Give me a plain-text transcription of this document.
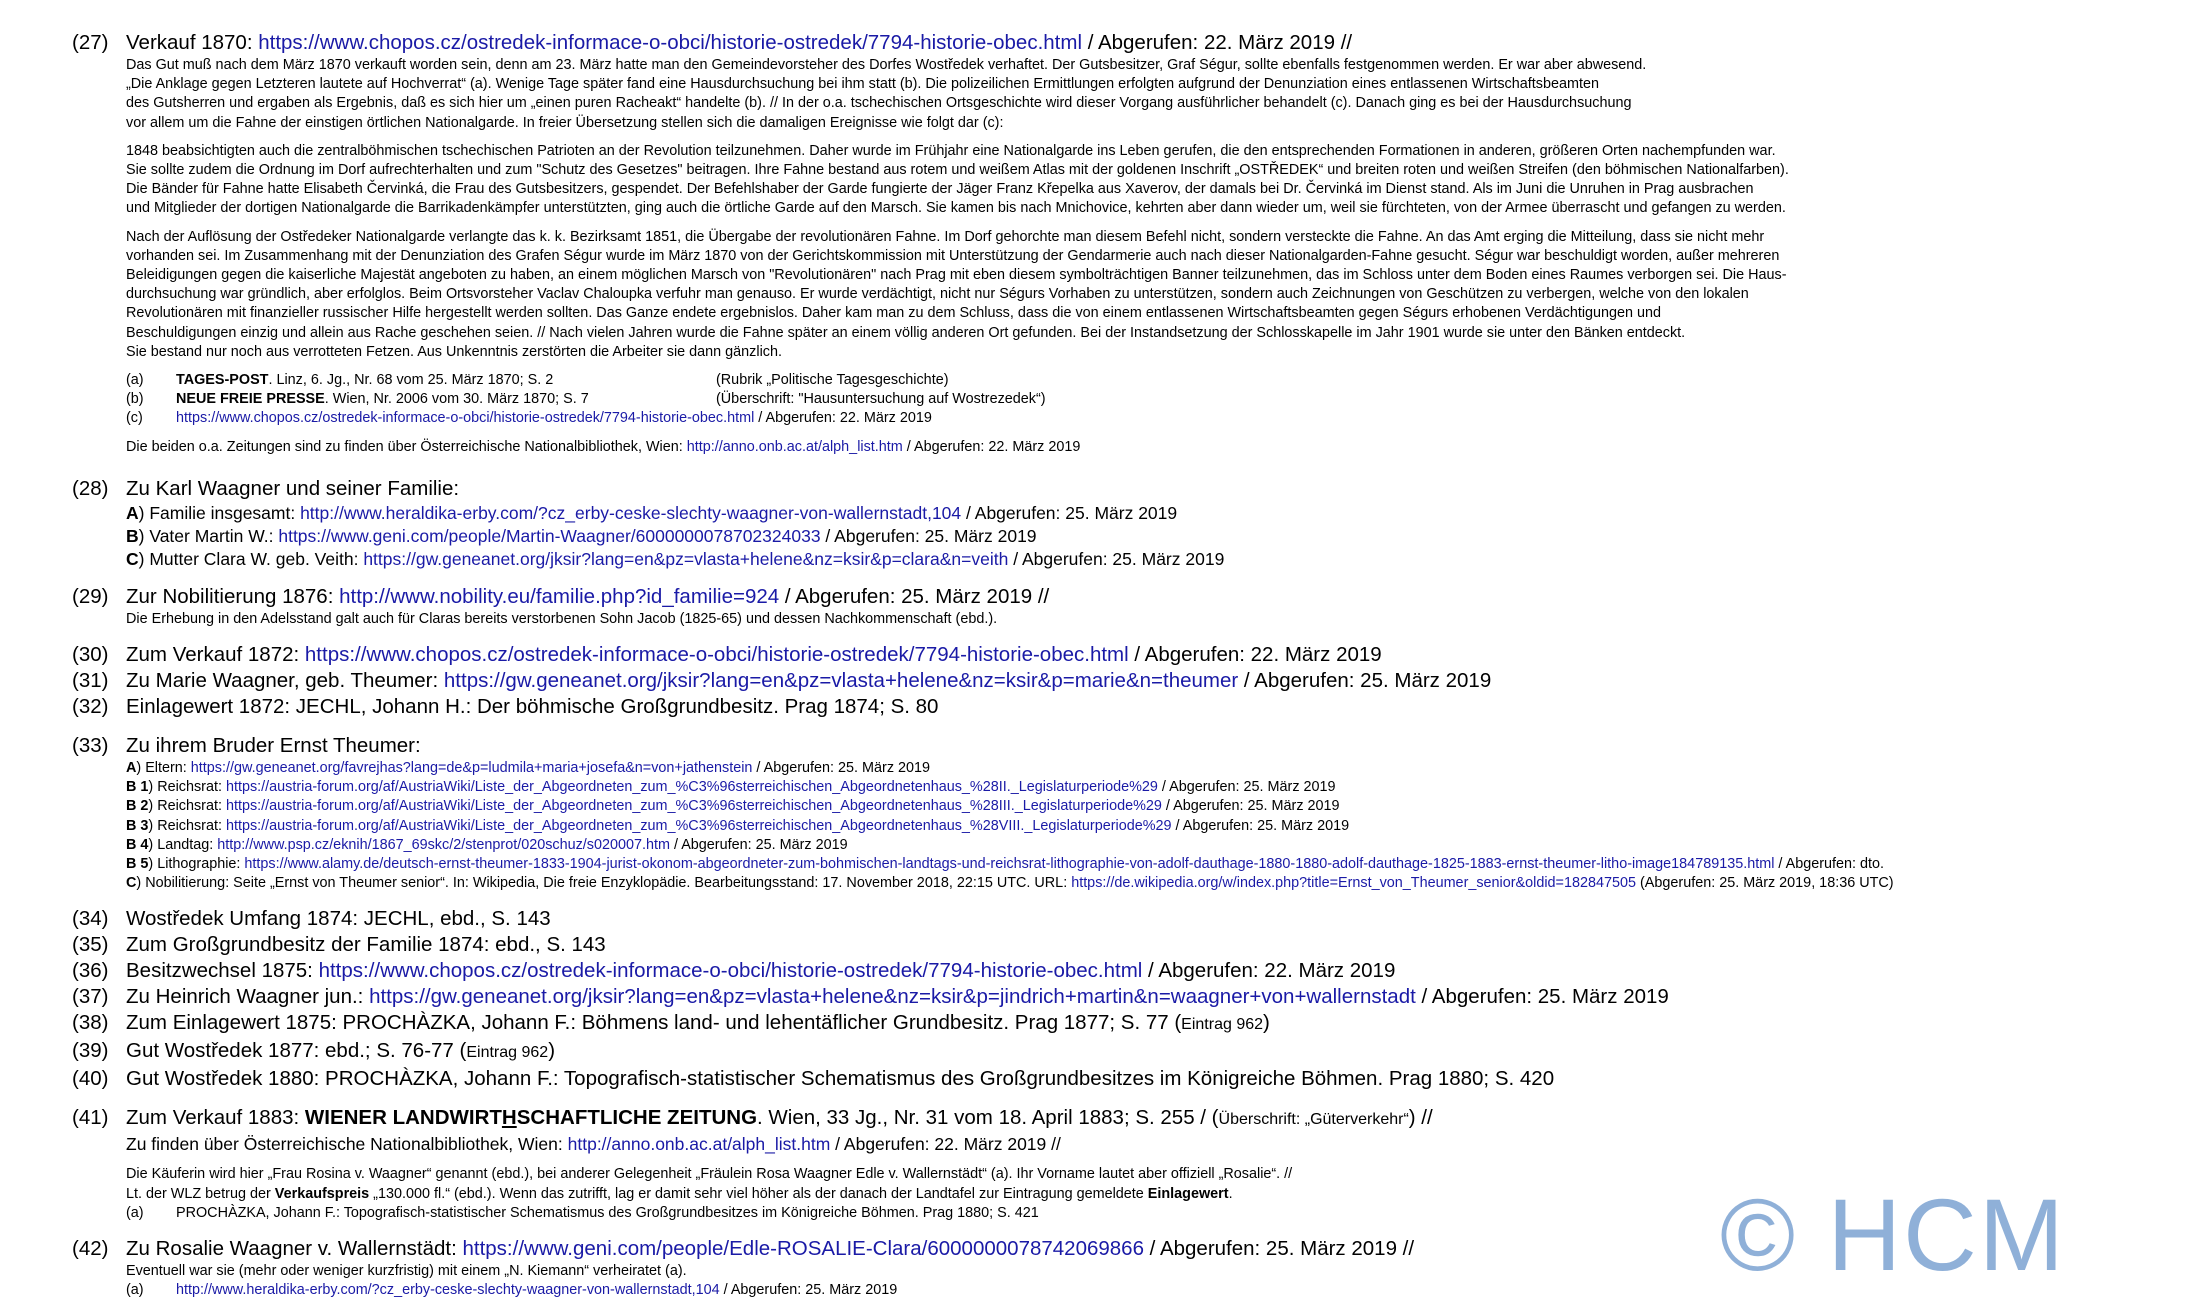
(27) Verkauf 1870: https://www.chopos.cz/ostredek-informace-o-obci/historie-ostredek/7794-historie-obec.html / Abgerufen: 22. März 2019 //
Das Gut muß nach dem März 1870 verkauft worden sein, denn am 23. März hatte man den Gemeindevorsteher des Dorfes Wostředek verhaftet. Der Gutsbesitzer, Graf Ségur, sollte ebenfalls festgenommen werden. Er war aber abwesend.
„Die Anklage gegen Letzteren lautete auf Hochverrat“ (a). Wenige Tage später fand eine Hausdurchsuchung bei ihm statt (b). Die polizeilichen Ermittlungen erfolgten aufgrund der Denunziation eines entlassenen Wirtschaftsbeamten
des Gutsherren und ergaben als Ergebnis, daß es sich hier um „einen puren Racheakt“ handelte (b). // In der o.a. tschechischen Ortsgeschichte wird dieser Vorgang ausführlicher behandelt (c). Danach ging es bei der Hausdurchsuchung
vor allem um die Fahne der einstigen örtlichen Nationalgarde. In freier Übersetzung stellen sich die damaligen Ereignisse wie folgt dar (c):
1848 beabsichtigten auch die zentralböhmischen tschechischen Patrioten an der Revolution teilzunehmen. Daher wurde im Frühjahr eine Nationalgarde ins Leben gerufen, die den entsprechenden Formationen in anderen, größeren Orten nachempfunden war.
Sie sollte zudem die Ordnung im Dorf aufrechterhalten und zum "Schutz des Gesetzes" beitragen. Ihre Fahne bestand aus rotem und weißem Atlas mit der goldenen Inschrift „OSTŘEDEK“ und breiten roten und weißen Streifen (den böhmischen Nationalfarben).
Die Bänder für Fahne hatte Elisabeth Červinká, die Frau des Gutsbesitzers, gespendet. Der Befehlshaber der Garde fungierte der Jäger Franz Křepelka aus Xaverov, der damals bei Dr. Červinká im Dienst stand. Als im Juni die Unruhen in Prag ausbrachen
und Mitglieder der dortigen Nationalgarde die Barrikadenkämpfer unterstützten, ging auch die örtliche Garde auf den Marsch. Sie kamen bis nach Mnichovice, kehrten aber dann wieder um, weil sie fürchteten, von der Armee überrascht und gefangen zu werden.
Nach der Auflösung der Ostředeker Nationalgarde verlangte das k. k. Bezirksamt 1851, die Übergabe der revolutionären Fahne. Im Dorf gehorchte man diesem Befehl nicht, sondern versteckte die Fahne. An das Amt erging die Mitteilung, dass sie nicht mehr
vorhanden sei. Im Zusammenhang mit der Denunziation des Grafen Ségur wurde im März 1870 von der Gerichtskommission mit Unterstützung der Gendarmerie auch nach dieser Nationalgarden-Fahne gesucht. Ségur war beschuldigt worden, außer mehreren
Beleidigungen gegen die kaiserliche Majestät angeboten zu haben, an einem möglichen Marsch von "Revolutionären" nach Prag mit eben diesem symbolträchtigen Banner teilzunehmen, das im Schloss unter dem Boden eines Raumes verborgen sei. Die Haus-
durchsuchung war gründlich, aber erfolglos. Beim Ortsvorsteher Vaclav Chaloupka verfuhr man genauso. Er wurde verdächtigt, nicht nur Ségurs Vorhaben zu unterstützen, sondern auch Zeichnungen von Geschützen zu verbergen, welche von den lokalen
Revolutionären mit finanzieller russischer Hilfe hergestellt werden sollten. Das Ganze endete ergebnislos. Daher kam man zu dem Schluss, dass die von einem entlassenen Wirtschaftsbeamten gegen Ségurs erhobenen Verdächtigungen und
Beschuldigungen einzig und allein aus Rache geschehen seien. // Nach vielen Jahren wurde die Fahne später an einem völlig anderen Ort gefunden. Bei der Instandsetzung der Schlosskapelle im Jahr 1901 wurde sie unter den Bänken entdeckt.
Sie bestand nur noch aus verrotteten Fetzen. Aus Unkenntnis zerstörten die Arbeiter sie dann gänzlich.
(a)	TAGES-POST. Linz, 6. Jg., Nr. 68 vom 25. März 1870; S. 2	(Rubrik „Politische Tagesgeschichte)
(b)	NEUE FREIE PRESSE. Wien, Nr. 2006 vom 30. März 1870; S. 7	(Überschrift: "Hausuntersuchung auf Wostrezedek“)
(c)	https://www.chopos.cz/ostredek-informace-o-obci/historie-ostredek/7794-historie-obec.html / Abgerufen: 22. März 2019
Die beiden o.a. Zeitungen sind zu finden über Österreichische Nationalbibliothek, Wien: http://anno.onb.ac.at/alph_list.htm / Abgerufen: 22. März 2019
(28) Zu Karl Waagner und seiner Familie:
A) Familie insgesamt: http://www.heraldika-erby.com/?cz_erby-ceske-slechty-waagner-von-wallernstadt,104 / Abgerufen: 25. März 2019
B) Vater Martin W.: https://www.geni.com/people/Martin-Waagner/6000000078702324033 / Abgerufen: 25. März 2019
C) Mutter Clara W. geb. Veith: https://gw.geneanet.org/jksir?lang=en&pz=vlasta+helene&nz=ksir&p=clara&n=veith / Abgerufen: 25. März 2019
(29) Zur Nobilitierung 1876: http://www.nobility.eu/familie.php?id_familie=924 / Abgerufen: 25. März 2019 //
Die Erhebung in den Adelsstand galt auch für Claras bereits verstorbenen Sohn Jacob (1825-65) und dessen Nachkommenschaft (ebd.).
(30) Zum Verkauf 1872: https://www.chopos.cz/ostredek-informace-o-obci/historie-ostredek/7794-historie-obec.html / Abgerufen: 22. März 2019
(31) Zu Marie Waagner, geb. Theumer: https://gw.geneanet.org/jksir?lang=en&pz=vlasta+helene&nz=ksir&p=marie&n=theumer / Abgerufen: 25. März 2019
(32) Einlagewert 1872: JECHL, Johann H.: Der böhmische Großgrundbesitz. Prag 1874; S. 80
(33) Zu ihrem Bruder Ernst Theumer:
A) Eltern: https://gw.geneanet.org/favrejhas?lang=de&p=ludmila+maria+josefa&n=von+jathenstein / Abgerufen: 25. März 2019
B 1) Reichsrat: https://austria-forum.org/af/AustriaWiki/Liste_der_Abgeordneten_zum_%C3%96sterreichischen_Abgeordnetenhaus_%28II._Legislaturperiode%29 / Abgerufen: 25. März 2019
B 2) Reichsrat: https://austria-forum.org/af/AustriaWiki/Liste_der_Abgeordneten_zum_%C3%96sterreichischen_Abgeordnetenhaus_%28III._Legislaturperiode%29 / Abgerufen: 25. März 2019
B 3) Reichsrat: https://austria-forum.org/af/AustriaWiki/Liste_der_Abgeordneten_zum_%C3%96sterreichischen_Abgeordnetenhaus_%28VIII._Legislaturperiode%29 / Abgerufen: 25. März 2019
B 4) Landtag: http://www.psp.cz/eknih/1867_69skc/2/stenprot/020schuz/s020007.htm / Abgerufen: 25. März 2019
B 5) Lithographie: https://www.alamy.de/deutsch-ernst-theumer-1833-1904-jurist-okonom-abgeordneter-zum-bohmischen-landtags-und-reichsrat-lithographie-von-adolf-dauthage-1880-1880-adolf-dauthage-1825-1883-ernst-theumer-litho-image184789135.html / Abgerufen: dto.
C) Nobilitierung: Seite „Ernst von Theumer senior“. In: Wikipedia, Die freie Enzyklopädie. Bearbeitungsstand: 17. November 2018, 22:15 UTC. URL: https://de.wikipedia.org/w/index.php?title=Ernst_von_Theumer_senior&oldid=182847505 (Abgerufen: 25. März 2019, 18:36 UTC)
(34) Wostředek Umfang 1874: JECHL, ebd., S. 143
(35) Zum Großgrundbesitz der Familie 1874: ebd., S. 143
(36) Besitzwechsel 1875: https://www.chopos.cz/ostredek-informace-o-obci/historie-ostredek/7794-historie-obec.html / Abgerufen: 22. März 2019
(37) Zu Heinrich Waagner jun.: https://gw.geneanet.org/jksir?lang=en&pz=vlasta+helene&nz=ksir&p=jindrich+martin&n=waagner+von+wallernstadt / Abgerufen: 25. März 2019
(38) Zum Einlagewert 1875: PROCHÀZKA, Johann F.: Böhmens land- und lehentäflicher Grundbesitz. Prag 1877; S. 77 (Eintrag 962)
(39) Gut Wostředek 1877: ebd.; S. 76-77 (Eintrag 962)
(40) Gut Wostředek 1880: PROCHÀZKA, Johann F.: Topografisch-statistischer Schematismus des Großgrundbesitzes im Königreiche Böhmen. Prag 1880; S. 420
(41) Zum Verkauf 1883: WIENER LANDWIRTHSCHAFTLICHE ZEITUNG. Wien, 33 Jg., Nr. 31 vom 18. April 1883; S. 255 / (Überschrift: „Güterverkehr“) //
Zu finden über Österreichische Nationalbibliothek, Wien: http://anno.onb.ac.at/alph_list.htm / Abgerufen: 22. März 2019 //
Die Käuferin wird hier „Frau Rosina v. Waagner“ genannt (ebd.), bei anderer Gelegenheit „Fräulein Rosa Waagner Edle v. Wallernstädt“ (a). Ihr Vorname lautet aber offiziell „Rosalie“. //
Lt. der WLZ betrug der Verkaufspreis „130.000 fl.“ (ebd.). Wenn das zutrifft, lag er damit sehr viel höher als der danach der Landtafel zur Eintragung gemeldete Einlagewert.
(a)	PROCHÀZKA, Johann F.: Topografisch-statistischer Schematismus des Großgrundbesitzes im Königreiche Böhmen. Prag 1880; S. 421
(42) Zu Rosalie Waagner v. Wallernstädt: https://www.geni.com/people/Edle-ROSALIE-Clara/6000000078742069866 / Abgerufen: 25. März 2019 //
Eventuell war sie (mehr oder weniger kurzfristig) mit einem „N. Kiemann“ verheiratet (a).
(a)	http://www.heraldika-erby.com/?cz_erby-ceske-slechty-waagner-von-wallernstadt,104 / Abgerufen: 25. März 2019	© HCM
